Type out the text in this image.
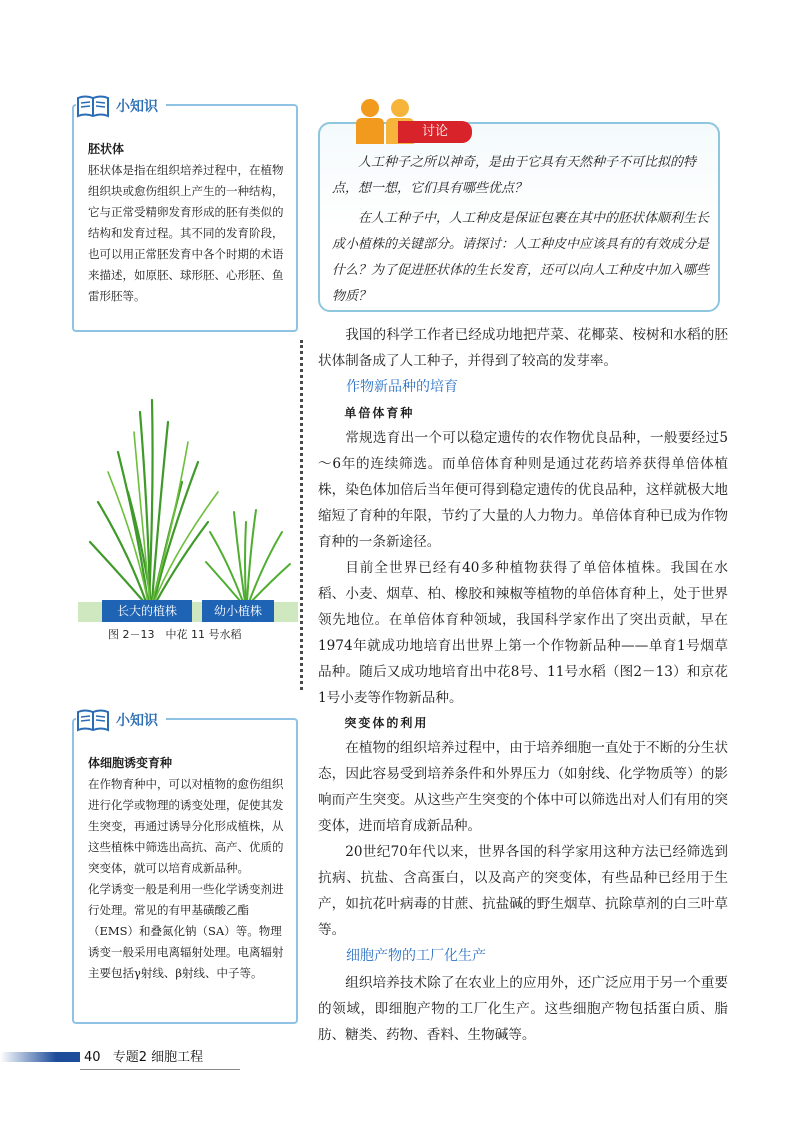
小知识
胚状体
胚状体是指在组织培养过程中，在植物组织块或愈伤组织上产生的一种结构，它与正常受精卵发育形成的胚有类似的结构和发育过程。其不同的发育阶段，也可以用正常胚发育中各个时期的术语来描述，如原胚、球形胚、心形胚、鱼雷形胚等。
讨论

人工种子之所以神奇，是由于它具有天然种子不可比拟的特点，想一想，它们具有哪些优点？

在人工种子中，人工种皮是保证包裹在其中的胚状体顺利生长成小植株的关键部分。请探讨：人工种皮中应该具有的有效成分是什么？为了促进胚状体的生长发育，还可以向人工种皮中加入哪些物质？

我国的科学工作者已经成功地把芹菜、花椰菜、桉树和水稻的胚状体制备成了人工种子，并得到了较高的发芽率。

作物新品种的培育
单倍体育种

常规选育出一个可以稳定遗传的农作物优良品种，一般要经过5～6年的连续筛选。而单倍体育种则是通过花药培养获得单倍体植株，染色体加倍后当年便可得到稳定遗传的优良品种，这样就极大地缩短了育种的年限，节约了大量的人力物力。单倍体育种已成为作物育种的一条新途径。

目前全世界已经有40多种植物获得了单倍体植株。我国在水稻、小麦、烟草、柏、橡胶和辣椒等植物的单倍体育种上，处于世界领先地位。在单倍体育种领域，我国科学家作出了突出贡献，早在1974年就成功地培育出世界上第一个作物新品种——单育1号烟草品种。随后又成功地培育出中花8号、11号水稻（图2－13）和京花1号小麦等作物新品种。

突变体的利用

在植物的组织培养过程中，由于培养细胞一直处于不断的分生状态，因此容易受到培养条件和外界压力（如射线、化学物质等）的影响而产生突变。从这些产生突变的个体中可以筛选出对人们有用的突变体，进而培育成新品种。

20世纪70年代以来，世界各国的科学家用这种方法已经筛选到抗病、抗盐、含高蛋白，以及高产的突变体，有些品种已经用于生产，如抗花叶病毒的甘蔗、抗盐碱的野生烟草、抗除草剂的白三叶草等。

细胞产物的工厂化生产

组织培养技术除了在农业上的应用外，还广泛应用于另一个重要的领域，即细胞产物的工厂化生产。这些细胞产物包括蛋白质、脂肪、糖类、药物、香料、生物碱等。

长大的植株	幼小植株
图 2－13　中花 11 号水稻
小知识
体细胞诱变育种
在作物育种中，可以对植物的愈伤组织进行化学或物理的诱变处理，促使其发生突变，再通过诱导分化形成植株，从这些植株中筛选出高抗、高产、优质的突变体，就可以培育成新品种。
化学诱变一般是利用一些化学诱变剂进行处理。常见的有甲基磺酸乙酯（EMS）和叠氮化钠（SA）等。物理诱变一般采用电离辐射处理。电离辐射主要包括γ射线、β射线、中子等。
40 专题2 细胞工程
